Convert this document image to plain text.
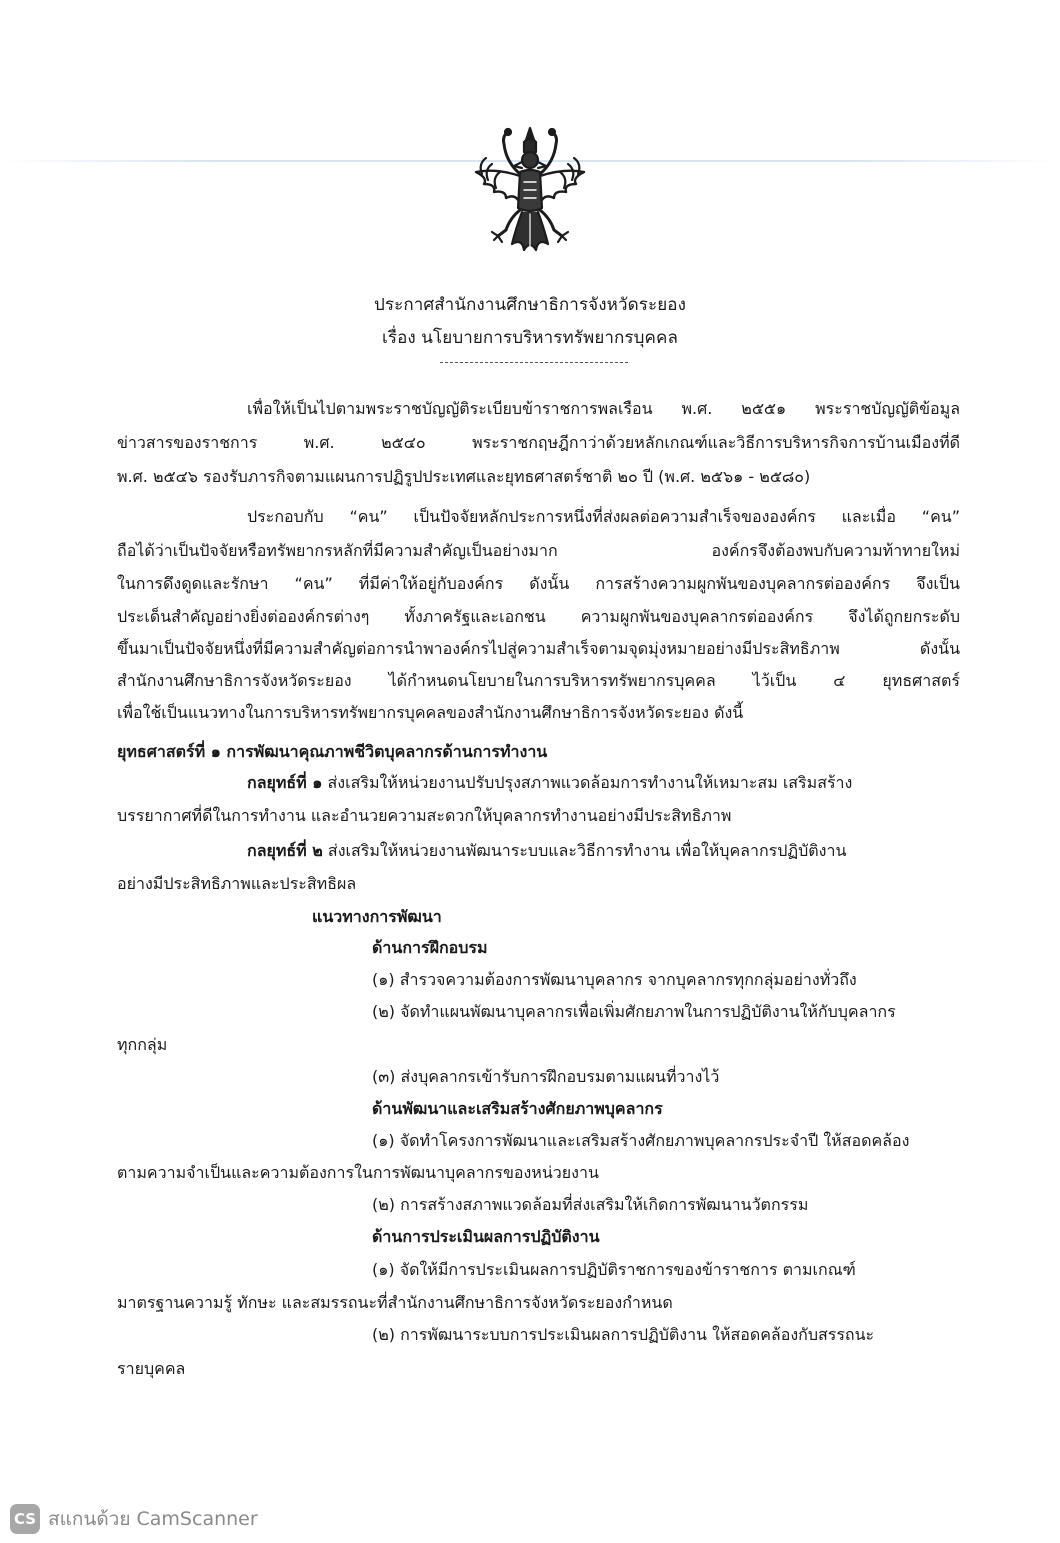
ประกาศสำนักงานศึกษาธิการจังหวัดระยอง
เรื่อง นโยบายการบริหารทรัพยากรบุคคล
เพื่อให้เป็นไปตามพระราชบัญญัติระเบียบข้าราชการพลเรือน พ.ศ. ๒๕๕๑ พระราชบัญญัติข้อมูล
ข่าวสารของราชการ พ.ศ. ๒๕๔๐ พระราชกฤษฎีกาว่าด้วยหลักเกณฑ์และวิธีการบริหารกิจการบ้านเมืองที่ดี
พ.ศ. ๒๕๔๖ รองรับภารกิจตามแผนการปฏิรูปประเทศและยุทธศาสตร์ชาติ ๒๐ ปี (พ.ศ. ๒๕๖๑ - ๒๕๘๐)
ประกอบกับ “คน” เป็นปัจจัยหลักประการหนึ่งที่ส่งผลต่อความสำเร็จขององค์กร และเมื่อ “คน”
ถือได้ว่าเป็นปัจจัยหรือทรัพยากรหลักที่มีความสำคัญเป็นอย่างมาก องค์กรจึงต้องพบกับความท้าทายใหม่
ในการดึงดูดและรักษา “คน” ที่มีค่าให้อยู่กับองค์กร ดังนั้น การสร้างความผูกพันของบุคลากรต่อองค์กร จึงเป็น
ประเด็นสำคัญอย่างยิ่งต่อองค์กรต่างๆ ทั้งภาครัฐและเอกชน ความผูกพันของบุคลากรต่อองค์กร จึงได้ถูกยกระดับ
ขึ้นมาเป็นปัจจัยหนึ่งที่มีความสำคัญต่อการนำพาองค์กรไปสู่ความสำเร็จตามจุดมุ่งหมายอย่างมีประสิทธิภาพ ดังนั้น
สำนักงานศึกษาธิการจังหวัดระยอง ได้กำหนดนโยบายในการบริหารทรัพยากรบุคคล ไว้เป็น ๔ ยุทธศาสตร์
เพื่อใช้เป็นแนวทางในการบริหารทรัพยากรบุคคลของสำนักงานศึกษาธิการจังหวัดระยอง ดังนี้
ยุทธศาสตร์ที่ ๑ การพัฒนาคุณภาพชีวิตบุคลากรด้านการทำงาน
กลยุทธ์ที่ ๑ ส่งเสริมให้หน่วยงานปรับปรุงสภาพแวดล้อมการทำงานให้เหมาะสม เสริมสร้าง
บรรยากาศที่ดีในการทำงาน และอำนวยความสะดวกให้บุคลากรทำงานอย่างมีประสิทธิภาพ
กลยุทธ์ที่ ๒ ส่งเสริมให้หน่วยงานพัฒนาระบบและวิธีการทำงาน เพื่อให้บุคลากรปฏิบัติงาน
อย่างมีประสิทธิภาพและประสิทธิผล
แนวทางการพัฒนา
ด้านการฝึกอบรม
(๑) สำรวจความต้องการพัฒนาบุคลากร จากบุคลากรทุกกลุ่มอย่างทั่วถึง
(๒) จัดทำแผนพัฒนาบุคลากรเพื่อเพิ่มศักยภาพในการปฏิบัติงานให้กับบุคลากร
ทุกกลุ่ม
(๓) ส่งบุคลากรเข้ารับการฝึกอบรมตามแผนที่วางไว้
ด้านพัฒนาและเสริมสร้างศักยภาพบุคลากร
(๑) จัดทำโครงการพัฒนาและเสริมสร้างศักยภาพบุคลากรประจำปี ให้สอดคล้อง
ตามความจำเป็นและความต้องการในการพัฒนาบุคลากรของหน่วยงาน
(๒) การสร้างสภาพแวดล้อมที่ส่งเสริมให้เกิดการพัฒนานวัตกรรม
ด้านการประเมินผลการปฏิบัติงาน
(๑) จัดให้มีการประเมินผลการปฏิบัติราชการของข้าราชการ ตามเกณฑ์
มาตรฐานความรู้ ทักษะ และสมรรถนะที่สำนักงานศึกษาธิการจังหวัดระยองกำหนด
(๒) การพัฒนาระบบการประเมินผลการปฏิบัติงาน ให้สอดคล้องกับสรรถนะ
รายบุคคล
CS สแกนด้วย CamScanner
